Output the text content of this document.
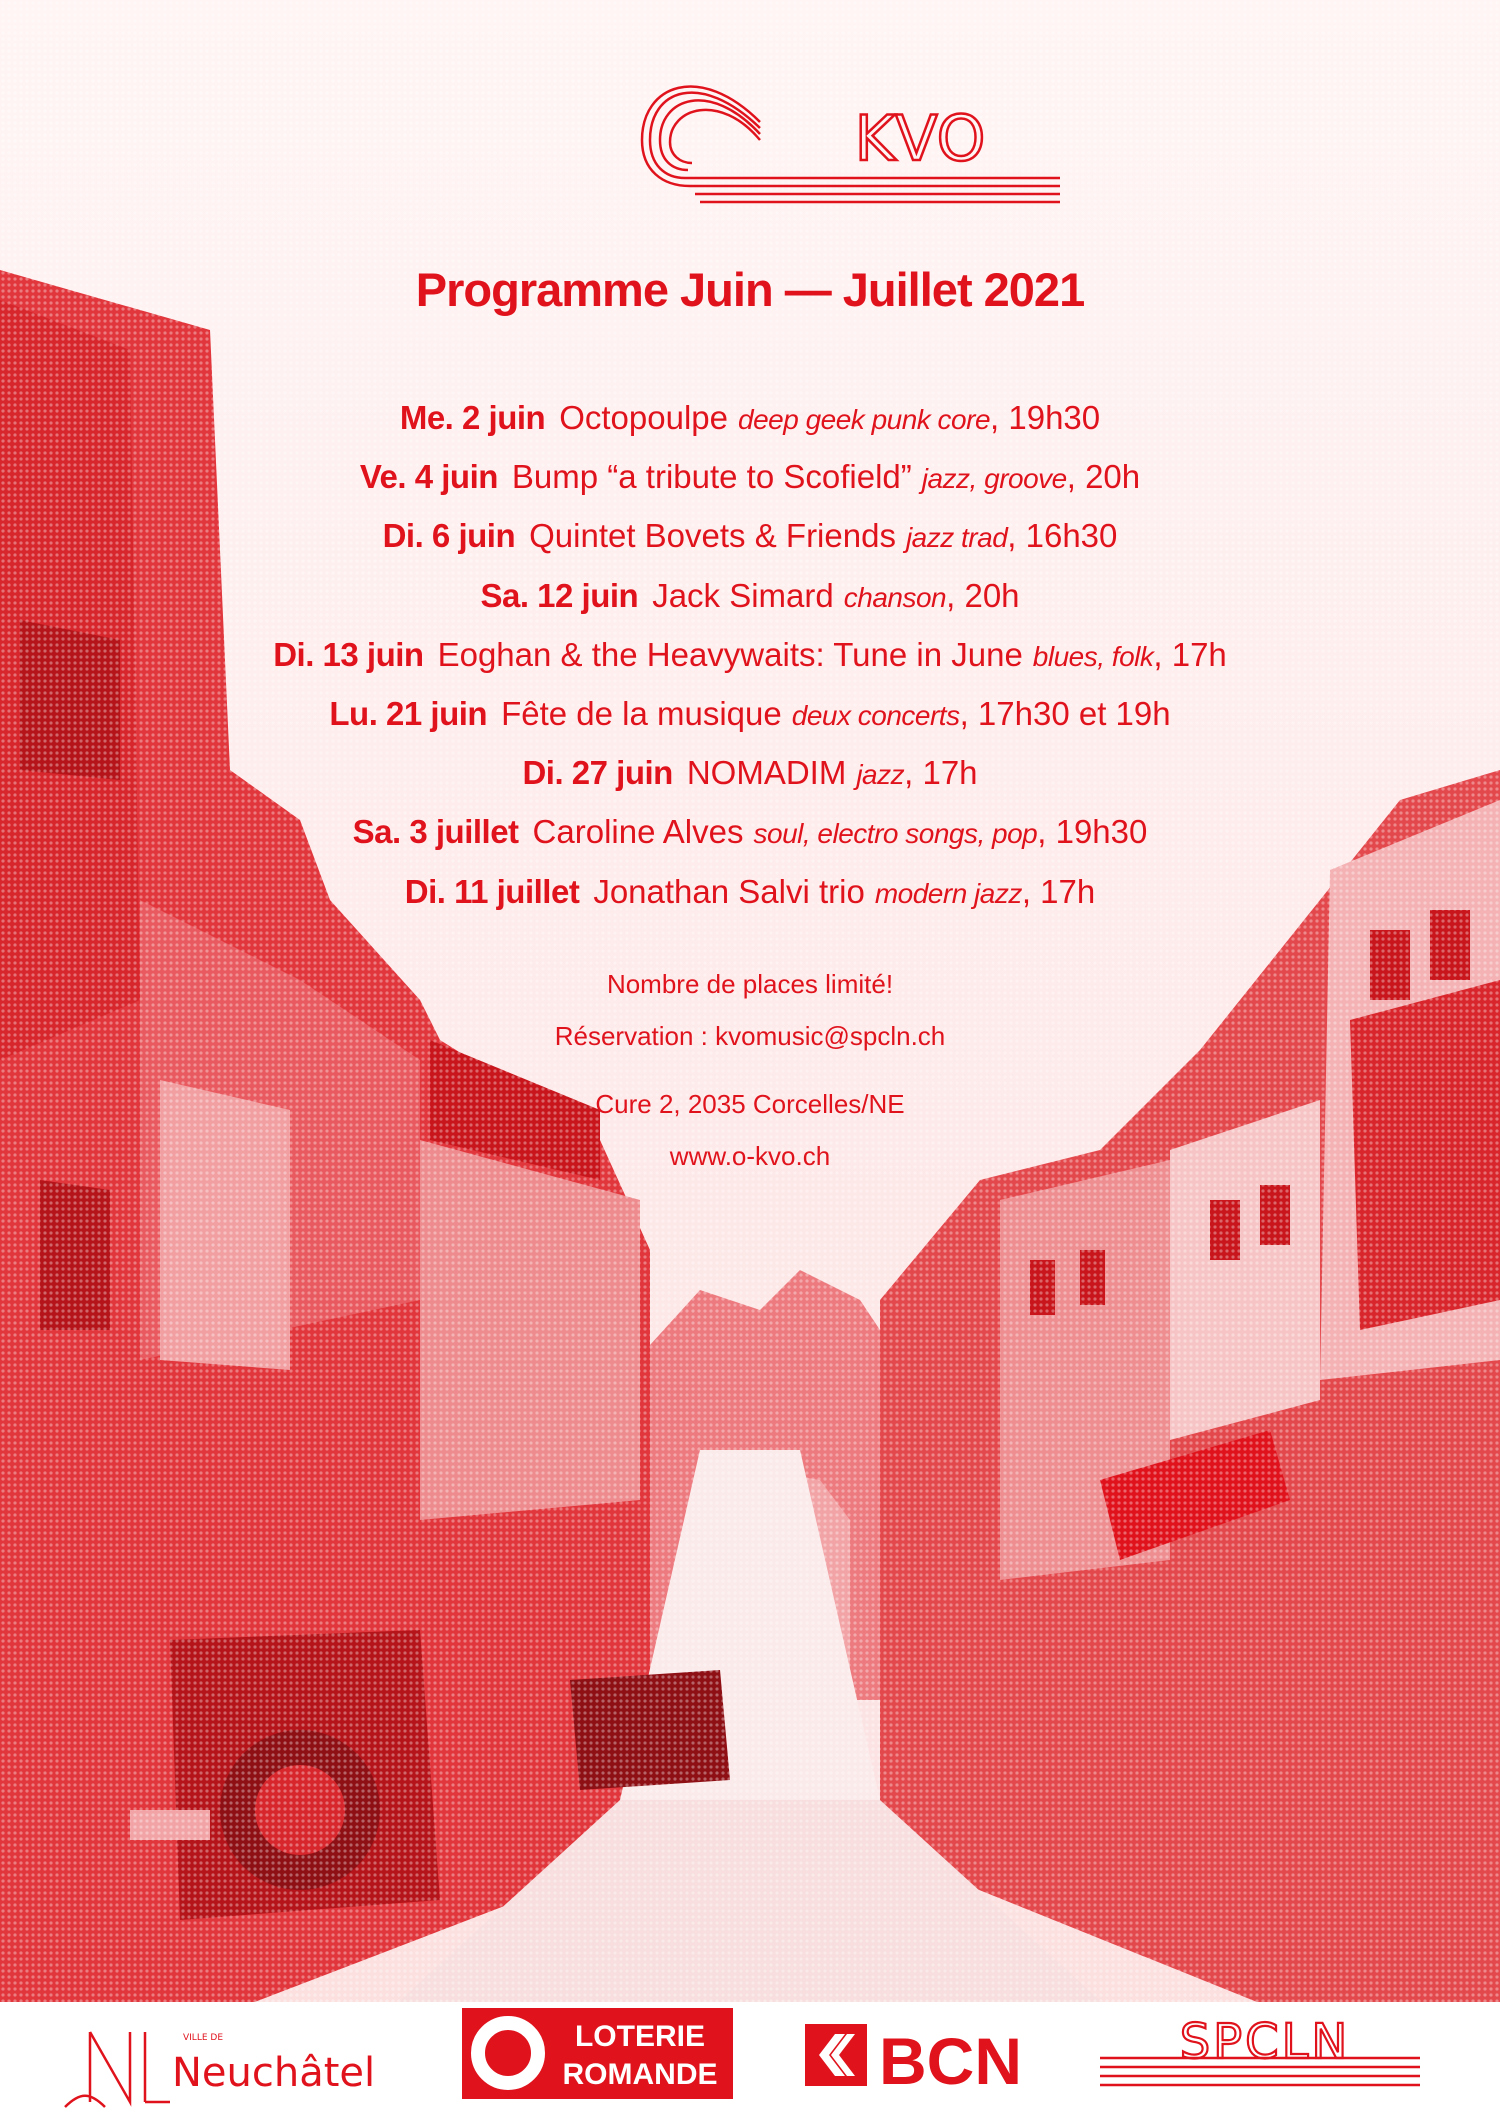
KVO
Programme Juin — Juillet 2021
Me. 2 juin Octopoulpe deep geek punk core, 19h30
Ve. 4 juin Bump “a tribute to Scofield” jazz, groove, 20h
Di. 6 juin Quintet Bovets & Friends jazz trad, 16h30
Sa. 12 juin Jack Simard chanson, 20h
Di. 13 juin Eoghan & the Heavywaits: Tune in June blues, folk, 17h
Lu. 21 juin Fête de la musique deux concerts, 17h30 et 19h
Di. 27 juin NOMADIM jazz, 17h
Sa. 3 juillet Caroline Alves soul, electro songs, pop, 19h30
Di. 11 juillet Jonathan Salvi trio modern jazz, 17h
Nombre de places limité!
Réservation : kvomusic@spcln.ch
Cure 2, 2035 Corcelles/NE
www.o-kvo.ch
VILLE DE
Neuchâtel
LOTERIE
ROMANDE BCN	SPCLN
